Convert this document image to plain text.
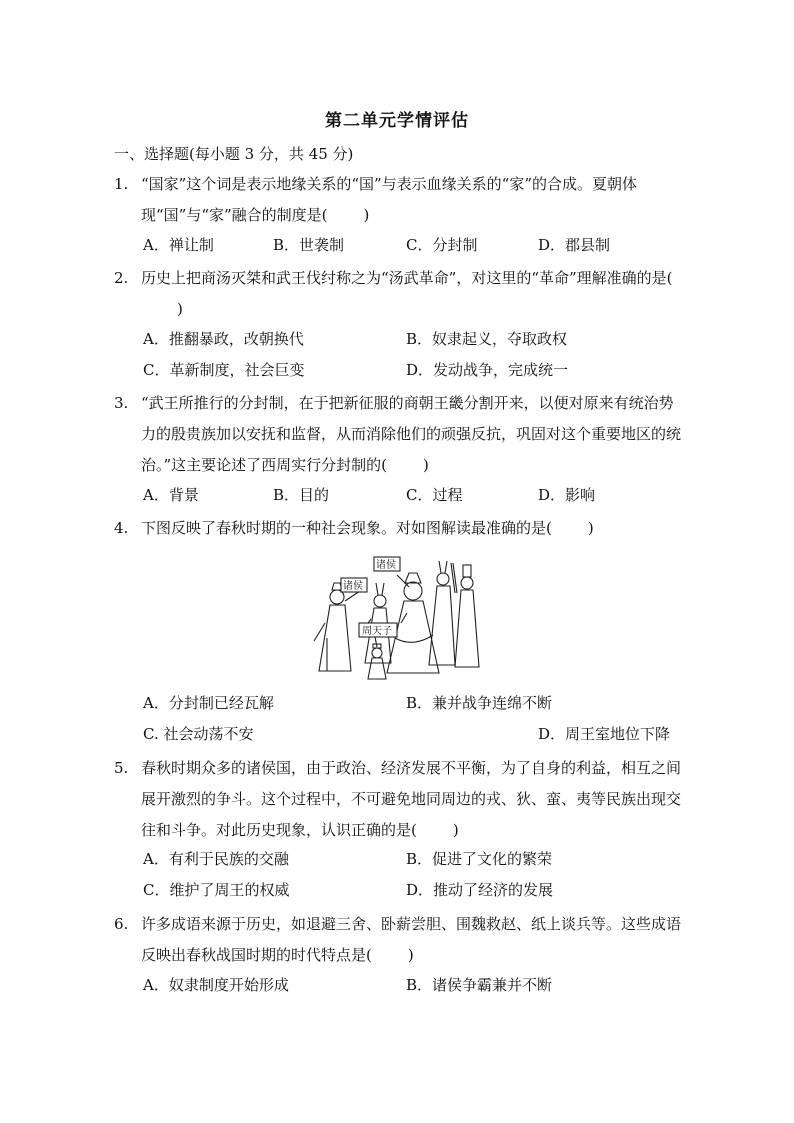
第二单元学情评估
一、选择题(每小题 3 分，共 45 分)
1. “国家”这个词是表示地缘关系的“国”与表示血缘关系的“家”的合成。夏朝体现“国”与“家”融合的制度是( )
A．禅让制	B．世袭制	C．分封制	D．郡县制
2. 历史上把商汤灭桀和武王伐纣称之为“汤武革命”，对这里的“革命”理解准确的是()
A．推翻暴政，改朝换代	B．奴隶起义，夺取政权
C．革新制度，社会巨变	D．发动战争，完成统一
3. “武王所推行的分封制，在于把新征服的商朝王畿分割开来，以便对原来有统治势力的殷贵族加以安抚和监督，从而消除他们的顽强反抗，巩固对这个重要地区的统治。”这主要论述了西周实行分封制的( )
A．背景	B．目的	C．过程	D．影响
4. 下图反映了春秋时期的一种社会现象。对如图解读最准确的是( )
诸侯
诸侯
周天子
A．分封制已经瓦解	B．兼并战争连绵不断
C. 社会动荡不安	D．周王室地位下降
5. 春秋时期众多的诸侯国，由于政治、经济发展不平衡，为了自身的利益，相互之间展开激烈的争斗。这个过程中，不可避免地同周边的戎、狄、蛮、夷等民族出现交往和斗争。对此历史现象，认识正确的是( )
A．有利于民族的交融	B．促进了文化的繁荣
C．维护了周王的权威	D．推动了经济的发展
6. 许多成语来源于历史，如退避三舍、卧薪尝胆、围魏救赵、纸上谈兵等。这些成语反映出春秋战国时期的时代特点是( )
A．奴隶制度开始形成	B．诸侯争霸兼并不断
